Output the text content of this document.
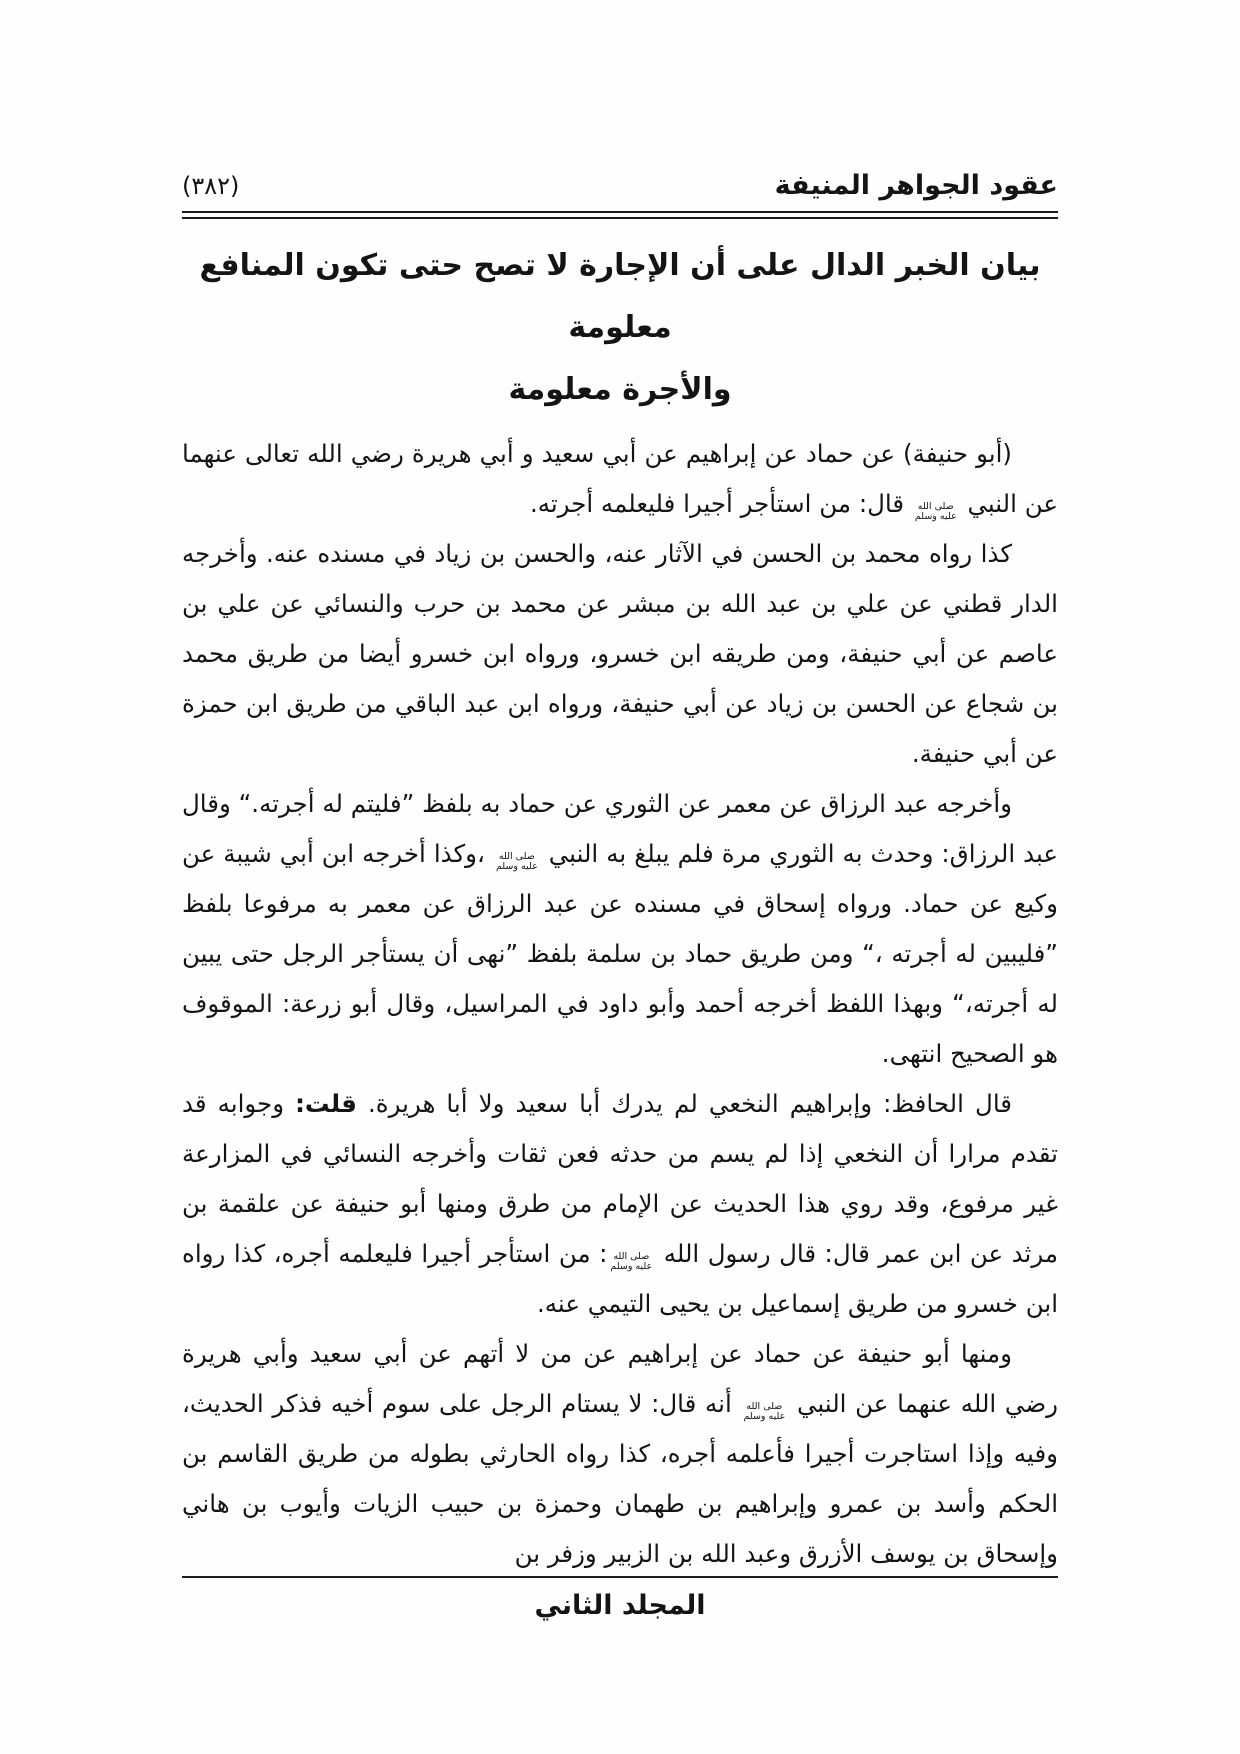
عقود الجواهر المنيفة
(٣٨٢)
بيان الخبر الدال على أن الإجارة لا تصح حتى تكون المنافع معلومة
والأجرة معلومة

(أبو حنيفة) عن حماد عن إبراهيم عن أبي سعيد و أبي هريرة رضي الله تعالى عنهما عن النبي
صلى الله
عليه وسلم
قال: من استأجر أجيرا فليعلمه أجرته.

كذا رواه محمد بن الحسن في الآثار عنه، والحسن بن زياد في مسنده عنه. وأخرجه الدار قطني عن علي بن عبد الله بن مبشر عن محمد بن حرب والنسائي عن علي بن عاصم عن أبي حنيفة، ومن طريقه ابن خسرو، ورواه ابن خسرو أيضا من طريق محمد بن شجاع عن الحسن بن زياد عن أبي حنيفة، ورواه ابن عبد الباقي من طريق ابن حمزة عن أبي حنيفة.

وأخرجه عبد الرزاق عن معمر عن الثوري عن حماد به بلفظ ”فليتم له أجرته.“ وقال عبد الرزاق: وحدث به الثوري مرة فلم يبلغ به النبي
صلى الله
عليه وسلم
،وكذا أخرجه ابن أبي شيبة عن وكيع عن حماد. ورواه إسحاق في مسنده عن عبد الرزاق عن معمر به مرفوعا بلفظ ”فليبين له أجرته ،“ ومن طريق حماد بن سلمة بلفظ ”نهى أن يستأجر الرجل حتى يبين له أجرته،“ وبهذا اللفظ أخرجه أحمد وأبو داود في المراسيل، وقال أبو زرعة: الموقوف هو الصحيح انتهى.

قال الحافظ: وإبراهيم النخعي لم يدرك أبا سعيد ولا أبا هريرة. قلت: وجوابه قد تقدم مرارا أن النخعي إذا لم يسم من حدثه فعن ثقات وأخرجه النسائي في المزارعة غير مرفوع، وقد روي هذا الحديث عن الإمام من طرق ومنها أبو حنيفة عن علقمة بن مرثد عن ابن عمر قال: قال رسول الله
صلى الله
عليه وسلم
: من استأجر أجيرا فليعلمه أجره، كذا رواه ابن خسرو من طريق إسماعيل بن يحيى التيمي عنه.

ومنها أبو حنيفة عن حماد عن إبراهيم عن من لا أتهم عن أبي سعيد وأبي هريرة رضي الله عنهما عن النبي
صلى الله
عليه وسلم
أنه قال: لا يستام الرجل على سوم أخيه فذكر الحديث، وفيه وإذا استاجرت أجيرا فأعلمه أجره، كذا رواه الحارثي بطوله من طريق القاسم بن الحكم وأسد بن عمرو وإبراهيم بن طهمان وحمزة بن حبيب الزيات وأيوب بن هاني وإسحاق بن يوسف الأزرق وعبد الله بن الزبير وزفر بن

المجلد الثاني
